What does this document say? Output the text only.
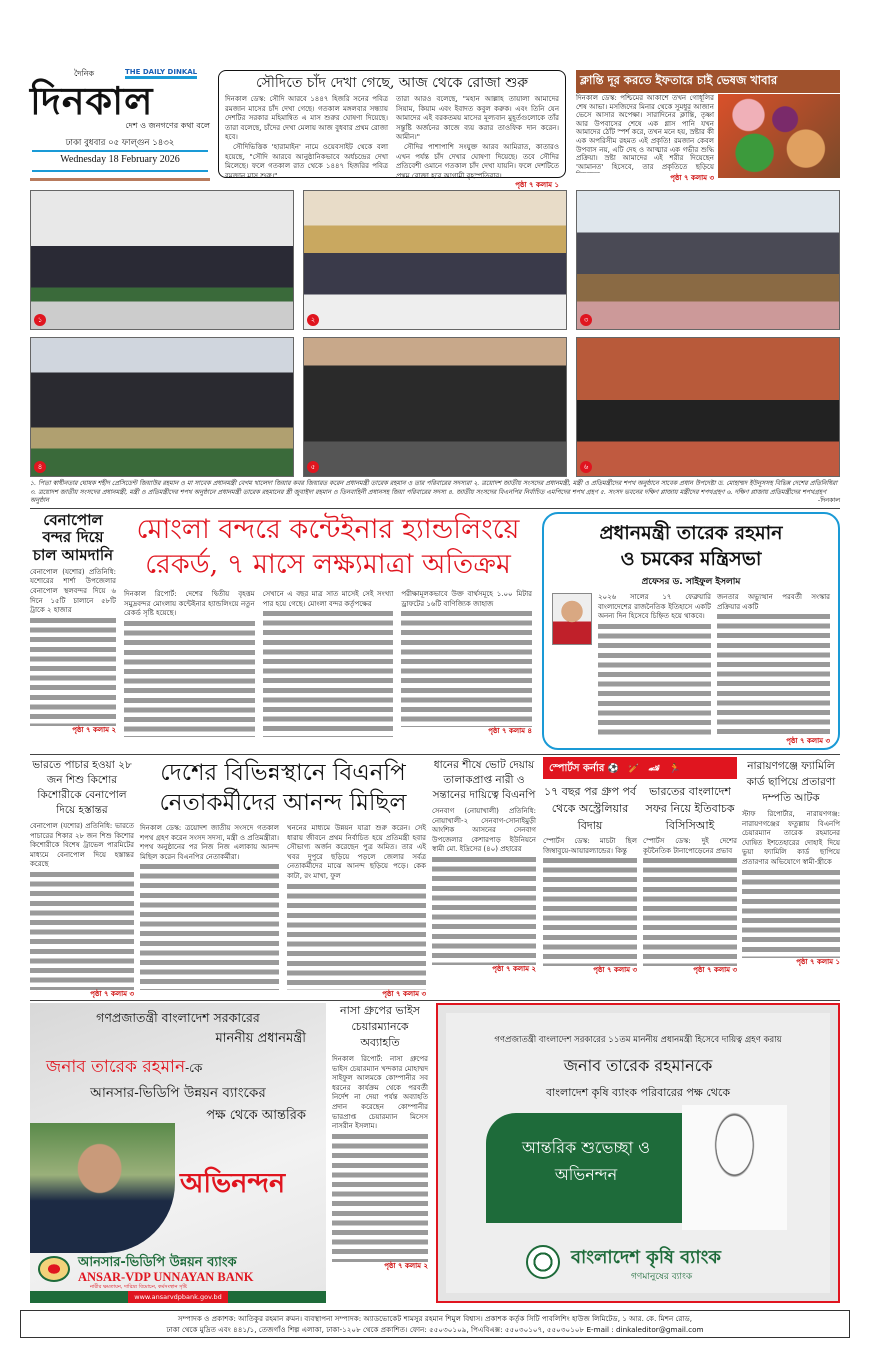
দৈনিক	THE DAILY DINKAL
দিনকাল
দেশ ও জনগণের কথা বলে
ঢাকা বুধবার ০৫ ফাল্গুন ১৪৩২
Wednesday 18 February 2026
সৌদিতে চাঁদ দেখা গেছে, আজ থেকে রোজা শুরু

দিনকাল ডেস্ক: সৌদি আরবে ১৪৪৭ হিজরি সনের পবিত্র রমজান মাসের চাঁদ দেখা গেছে। গতকাল মঙ্গলবার সন্ধ্যায় দেশটির সরকার মহিমান্বিত এ মাস শুরুর ঘোষণা দিয়েছে। তারা বলেছে, চাঁদের দেখা মেলায় আজ বুধবার প্রথম রোজা হবে।

সৌদিভিত্তিক 'হারামাইন' নামে ওয়েবসাইট থেকে বলা হয়েছে, "সৌদি আরবে আনুষ্ঠানিকভাবে অর্ধচন্দ্রের দেখা মিলেছে। ফলে গতকাল রাত থেকে ১৪৪৭ হিজরির পবিত্র রমজান মাস শুরু।"

তারা আরও বলেছে, "মহান আল্লাহ তায়ালা আমাদের সিয়াম, কিয়াম এবং ইবাদত কবুল করুক। এবং তিনি যেন আমাদের এই বরকতময় মাসের মূল্যবান মুহূর্তগুলোকে তাঁর সন্তুষ্টি অর্জনের কাজে ব্যয় করার তাওফিক দান করেন। আমীন।"

সৌদির পাশাপাশি সংযুক্ত আরব আমিরাত, কাতারও এখন পর্যন্ত চাঁদ দেখার ঘোষণা দিয়েছে। তবে সৌদির প্রতিবেশী ওমানে গতকাল চাঁদ দেখা যায়নি। ফলে দেশটিতে প্রথম রোজা হবে আগামী বৃহস্পতিবার।

পৃষ্ঠা ৭ কলাম ১
ক্লান্তি দূর করতে ইফতারে চাই ভেষজ খাবার
দিনকাল ডেস্ক: পশ্চিমের আকাশে তখন গোধূলির শেষ আভা। মসজিদের মিনার থেকে সুমধুর আজান ভেসে আসার অপেক্ষা। সারাদিনের ক্লান্তি, তৃষ্ণা আর উপবাসের শেষে এক গ্লাস পানি যখন আমাদের ঠোঁট স্পর্শ করে, তখন মনে হয়, স্রষ্টার কী এক অপরিসীম রহমত এই প্রকৃতি! রমজান কেবল উপবাস নয়, এটি দেহ ও আত্মার এক গভীর শুদ্ধি প্রক্রিয়া। স্রষ্টা আমাদের এই শরীর দিয়েছেন 'আমানত' হিসেবে, তার প্রকৃতিতে ছড়িয়ে
পৃষ্ঠা ৭ কলাম ৩
১	২	৩
৪	৫	৬
১. পিতা স্বাধীনতার ঘোষক শহীদ প্রেসিডেন্ট জিয়াউর রহমান ও মা সাবেক প্রধানমন্ত্রী বেগম খালেদা জিয়ার কবর জিয়ারত করেন প্রধানমন্ত্রী তারেক রহমান ও তার পরিবারের সদস্যরা ২. ত্রয়োদশ জাতীয় সংসদের প্রধানমন্ত্রী, মন্ত্রী ও প্রতিমন্ত্রীদের শপথ অনুষ্ঠানে সাবেক প্রধান উপদেষ্টা ড. মোহাম্মদ ইউনূসসহ বিভিন্ন দেশের প্রতিনিধিরা ৩. ত্রয়োদশ জাতীয় সংসদের প্রধানমন্ত্রী, মন্ত্রী ও প্রতিমন্ত্রীদের শপথ অনুষ্ঠানে প্রধানমন্ত্রী তারেক রহমানের স্ত্রী জুবাইদা রহমান ও তিনবাহিনী প্রধানসহ জিয়া পরিবারের সদস্য ৪. জাতীয় সংসদের বিএনপির নির্বাচিত এমপিদের শপথ গ্রহণ ৫. সংসদ ভবনের দক্ষিণ প্লাজায় মন্ত্রীদের শপথগ্রহণ ৬. দক্ষিণ প্লাজায় প্রতিমন্ত্রীদের শপথগ্রহণ অনুষ্ঠান	-দিনকাল
বেনাপোল বন্দর দিয়ে চাল আমদানি

বেনাপোল (যশোর) প্রতিনিধি: যশোরের শার্শা উপজেলার বেনাপোল স্থলবন্দর দিয়ে ৬ দিনে ১৫টি চালানে ৫৮টি ট্রাকে ২ হাজার

পৃষ্ঠা ৭ কলাম ২
মোংলা বন্দরে কন্টেইনার হ্যান্ডলিংয়ে
রেকর্ড, ৭ মাসে লক্ষ্যমাত্রা অতিক্রম

দিনকাল রিপোর্ট: দেশের দ্বিতীয় বৃহত্তম সমুদ্রবন্দর মোংলায় কন্টেইনার হ্যান্ডলিংয়ে নতুন রেকর্ড সৃষ্টি হয়েছে।

সেখানে এ বছর মাত্র সাত মাসেই সেই সংখ্যা পার হয়ে গেছে। মোংলা বন্দর কর্তৃপক্ষের

পরীক্ষামূলকভাবে উক্ত বার্থসমূহে ১.০০ মিটার ড্রাফটের ১৬টি বাণিজ্যিক জাহাজ

পৃষ্ঠা ৭ কলাম ৪
প্রধানমন্ত্রী তারেক রহমান
ও চমকের মন্ত্রিসভা
প্রফেসর ড. সাইফুল ইসলাম

২০২৬ সালের ১৭ ফেব্রুয়ারি বাংলাদেশের রাজনৈতিক ইতিহাসে একটি অনন্য দিন হিসেবে চিহ্নিত হয়ে থাকবে।

জনতার অভ্যুত্থান পরবর্তী সংস্কার প্রক্রিয়ার একটি

পৃষ্ঠা ৭ কলাম ৩
ভারতে পাচার হওয়া ২৮ জন শিশু কিশোর কিশোরীকে বেনাপোল দিয়ে হস্তান্তর

বেনাপোল (যশোর) প্রতিনিধি: ভারতে পাচারের শিকার ২৮ জন শিশু কিশোর কিশোরীকে বিশেষ ট্রাভেল পারমিটের মাধ্যমে বেনাপোল দিয়ে হস্তান্তর করেছে

পৃষ্ঠা ৭ কলাম ৩
দেশের বিভিন্নস্থানে বিএনপি
নেতাকর্মীদের আনন্দ মিছিল

দিনকাল ডেস্ক: ত্রয়োদশ জাতীয় সংসদে গতকাল শপথ গ্রহণ করেন সংসদ সদস্য, মন্ত্রী ও প্রতিমন্ত্রীরা। শপথ অনুষ্ঠানের পর নিজ নিজ এলাকায় আনন্দ মিছিল করেন বিএনপির নেতাকর্মীরা।

খননের মাধ্যমে উন্নয়ন যাত্রা শুরু করেন। সেই ধারায় জীবনে প্রথম নির্বাচিত হয়ে প্রতিমন্ত্রী হবার সৌভাগ্য অর্জন করেছেন পুত্র অমিত। তার এই খবর দুপুরে ছড়িয়ে পড়লে জেলার সর্বত্র নেতাকর্মীদের মাঝে আনন্দ ছড়িয়ে পড়ে। কেক কাটা, রং মাখা, ফুল

পৃষ্ঠা ৭ কলাম ৩
ধানের শীষে ভোট দেয়ায় তালাকপ্রাপ্ত নারী ও সন্তানের দায়িত্বে বিএনপি

সেনবাগ (নোয়াখালী) প্রতিনিধি: নোয়াখালী-২ সেনবাগ-সোনাইমুড়ী আংশিক আসনের সেনবাগ উপজেলার কেশারপাড় ইউনিয়নে স্বামী মো. ইদ্রিসের (৪০) প্রহারের

পৃষ্ঠা ৭ কলাম ২
স্পোর্টস কর্নার ⚽ 🏏 🏎 🏃
১৭ বছর পর গ্রুপ পর্ব থেকে অস্ট্রেলিয়ার বিদায়

স্পোর্টস ডেস্ক: মাচটা ছিল জিম্বাবুয়ে-আয়ারল্যান্ডের। কিন্তু

পৃষ্ঠা ৭ কলাম ৩
ভারতের বাংলাদেশ সফর নিয়ে ইতিবাচক বিসিসিআই

স্পোর্টস ডেস্ক: দুই দেশের কূটনৈতিক টানাপোড়েনের প্রভাব

পৃষ্ঠা ৭ কলাম ৩
নারায়ণগঞ্জে ফ্যামিলি কার্ড ছাপিয়ে প্রতারণা দম্পতি আটক

স্টাফ রিপোর্টার, নারায়ণগঞ্জ: নারায়ণগঞ্জের ফতুল্লায় বিএনপি চেয়ারম্যান তারেক রহমানের ঘোষিত ইশতেহারের দোহাই দিয়ে ভুয়া ফ্যামিলি কার্ড ছাপিয়ে প্রতারণার অভিযোগে স্বামী-স্ত্রীকে

পৃষ্ঠা ৭ কলাম ১
গণপ্রজাতন্ত্রী বাংলাদেশ সরকারের
মাননীয় প্রধানমন্ত্রী
জনাব তারেক রহমান-কে
আনসার-ভিডিপি উন্নয়ন ব্যাংকের
পক্ষ থেকে আন্তরিক
অভিনন্দন
আনসার-ভিডিপি উন্নয়ন ব্যাংক
ANSAR-VDP UNNAYAN BANK
নারীর ক্ষমতায়ন, দারিদ্র্য বিমোচন, কর্মসংস্থান সৃষ্টি
www.ansarvdpbank.gov.bd
নাসা গ্রুপের ভাইস চেয়ারম্যানকে অব্যাহতি

দিনকাল রিপোর্ট: নাসা গ্রুপের ভাইস চেয়ারম্যান খন্দকার মোহাম্মদ সাইফুল আলমকে কোম্পানীর সব ধরনের কার্যক্রম থেকে পরবর্তী নির্দেশ না দেয়া পর্যন্ত অব্যাহতি প্রদান করেছেন কোম্পানীর ভারপ্রাপ্ত চেয়ারম্যান মিসেস নাসরীন ইসলাম।

পৃষ্ঠা ৭ কলাম ২
গণপ্রজাতন্ত্রী বাংলাদেশ সরকারের ১১তম মাননীয় প্রধানমন্ত্রী হিসেবে দায়িত্ব গ্রহণ করায়
জনাব তারেক রহমানকে
বাংলাদেশ কৃষি ব্যাংক পরিবারের পক্ষ থেকে
আন্তরিক শুভেচ্ছা ও
অভিনন্দন
বাংলাদেশ কৃষি ব্যাংক
গণমানুষের ব্যাংক
সম্পাদক ও প্রকাশক: আতিকুর রহমান রুমন। ব্যবস্থাপনা সম্পাদক: অ্যাডভোকেট শামসুর রহমান শিমুল বিশ্বাস। প্রকাশক কর্তৃক সিটি পাবলিশিং হাউজ লিমিটেড, ১ আর. কে. মিশন রোড,
ঢাকা থেকে মুদ্রিত এবং ৪৪১/১, তেজগাঁও শিল্প এলাকা, ঢাকা-১২০৮ থেকে প্রকাশিত। ফোন: ৫৫০৩০১০৯, পিএবিএক্স: ৫৫০৩০১০৭, ৫৫০৩০১০৮ E-mail : dinkaleditor@gmail.com
